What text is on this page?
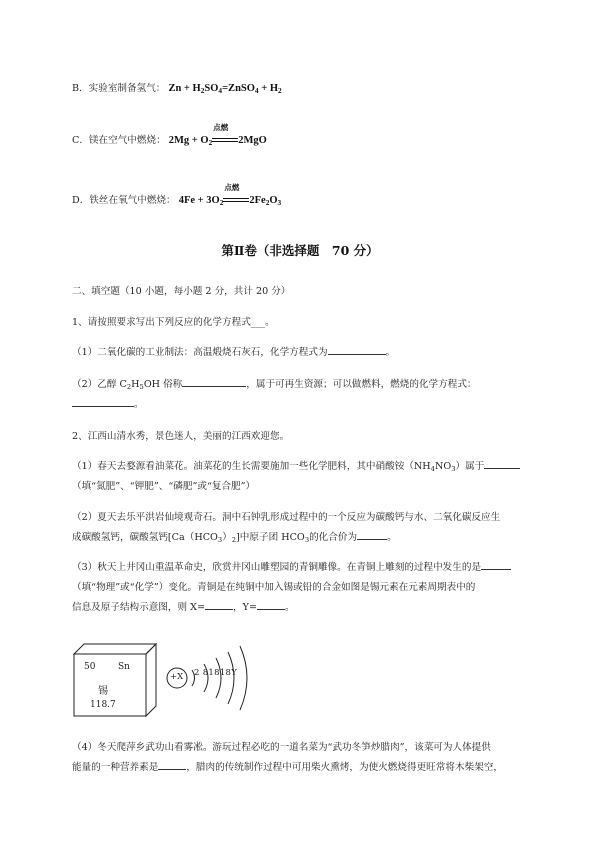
B．实验室制备氢气： $Zn + H_2SO_4=ZnSO_4 + H_2$
C．镁在空气中燃烧： $2Mg + O_2$
点燃
2MgO
D．铁丝在氧气中燃烧： $4Fe + 3O_2$
点燃
$2Fe_2O_3$
第Ⅱ卷（非选择题　70 分）
二、填空题（10 小题，每小题 2 分，共计 20 分）
1、请按照要求写出下列反应的化学方程式___。
（1）二氧化碳的工业制法：高温煅烧石灰石，化学方程式为	。
（2）乙醇 $C_2H_5OH$ 俗称	，属于可再生资源；可以做燃料，燃烧的化学方程式：
。
2、江西山清水秀，景色迷人，美丽的江西欢迎您。
（1）春天去婺源看油菜花。油菜花的生长需要施加一些化学肥料，其中硝酸铵$(NH_4NO_3)$属于
（填“氮肥”、“钾肥”、“磷肥”或“复合肥”）
（2）夏天去乐平洪岩仙境观奇石。洞中石钟乳形成过程中的一个反应为碳酸钙与水、二氧化碳反应生
成碳酸氢钙，碳酸氢钙$[Ca(HCO_3)_2]$中原子团 $HCO_3$的化合价为	。
（3）秋天上井冈山重温革命史，欣赏井冈山雕塑园的青铜雕像。在青铜上雕刻的过程中发生的是
（填“物理”或“化学”）变化。青铜是在纯铜中加入锡或铅的合金如图是锡元素在元素周期表中的
信息及原子结构示意图，则 X=	，Y=	。
50	Sn
锡
118.7
+X 2 81818Y
（4）冬天爬萍乡武功山看雾凇。游玩过程必吃的一道名菜为“武功冬笋炒腊肉”，该菜可为人体提供
能量的一种营养素是	，腊肉的传统制作过程中可用柴火熏烤，为使火燃烧得更旺常将木柴架空，
